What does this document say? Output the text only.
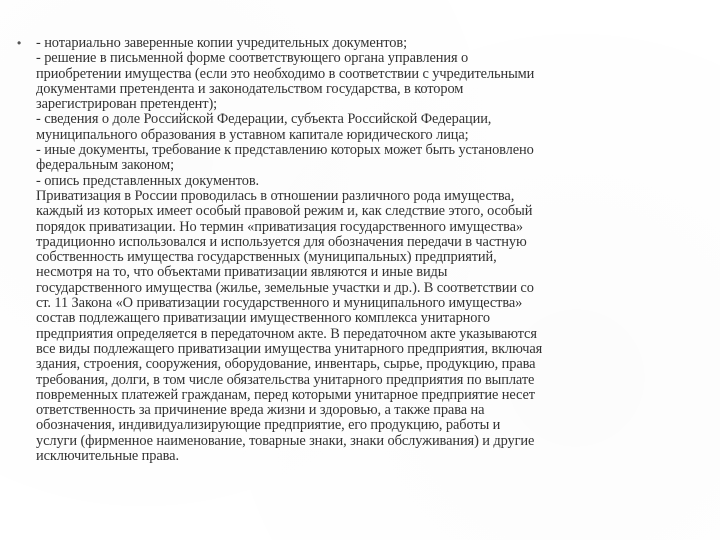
• - нотариально заверенные копии учредительных документов;
- решение в письменной форме соответствующего органа управления о
приобретении имущества (если это необходимо в соответствии с учредительными
документами претендента и законодательством государства, в котором
зарегистрирован претендент);
- сведения о доле Российской Федерации, субъекта Российской Федерации,
муниципального образования в уставном капитале юридического лица;
- иные документы, требование к представлению которых может быть установлено
федеральным законом;
- опись представленных документов.
Приватизация в России проводилась в отношении различного рода имущества,
каждый из которых имеет особый правовой режим и, как следствие этого, особый
порядок приватизации. Но термин «приватизация государственного имущества»
традиционно использовался и используется для обозначения передачи в частную
собственность имущества государственных (муниципальных) предприятий,
несмотря на то, что объектами приватизации являются и иные виды
государственного имущества (жилье, земельные участки и др.). В соответствии со
ст. 11 Закона «О приватизации государственного и муниципального имущества»
состав подлежащего приватизации имущественного комплекса унитарного
предприятия определяется в передаточном акте. В передаточном акте указываются
все виды подлежащего приватизации имущества унитарного предприятия, включая
здания, строения, сооружения, оборудование, инвентарь, сырье, продукцию, права
требования, долги, в том числе обязательства унитарного предприятия по выплате
повременных платежей гражданам, перед которыми унитарное предприятие несет
ответственность за причинение вреда жизни и здоровью, а также права на
обозначения, индивидуализирующие предприятие, его продукцию, работы и
услуги (фирменное наименование, товарные знаки, знаки обслуживания) и другие
исключительные права.
